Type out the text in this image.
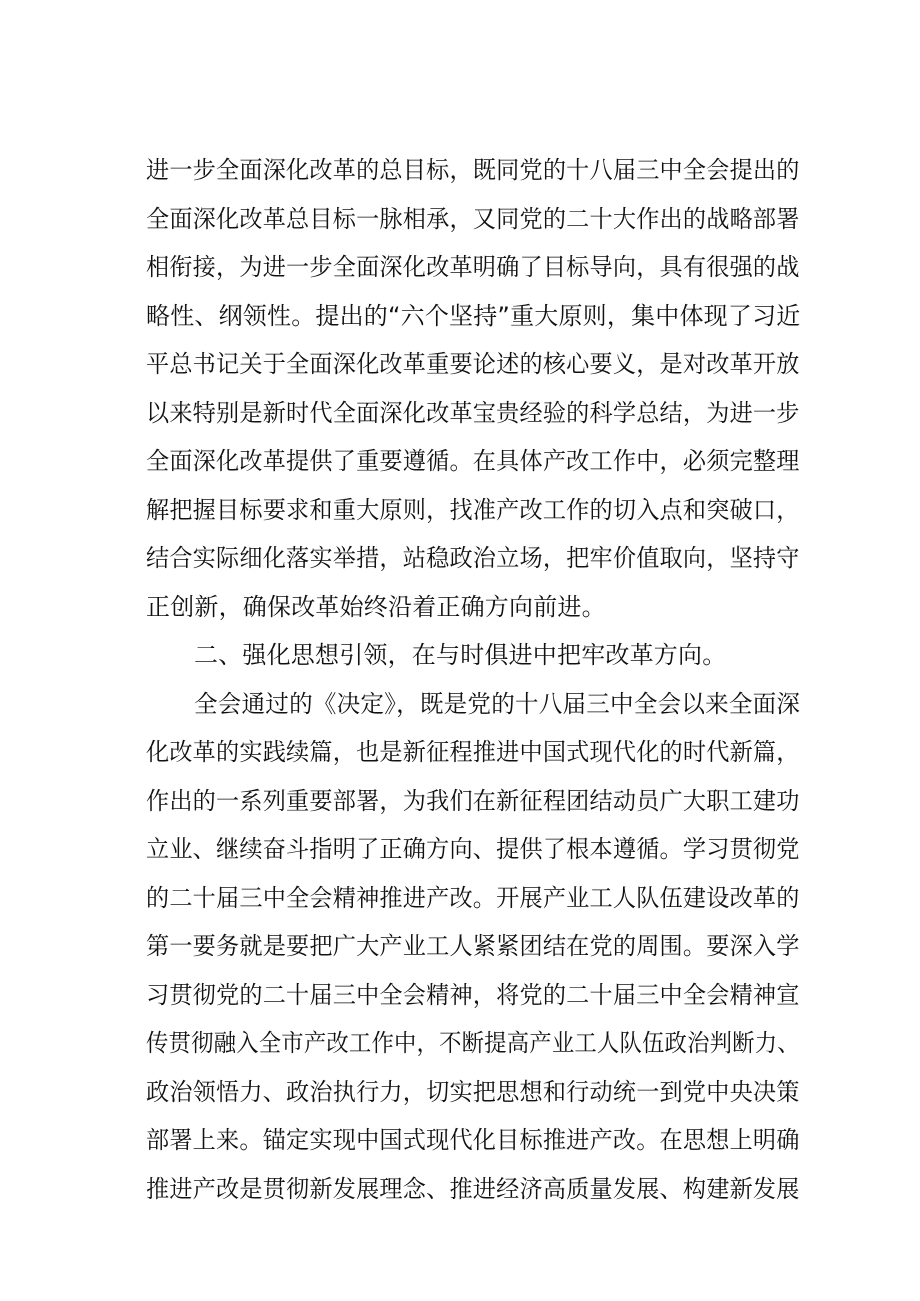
进一步全面深化改革的总目标，既同党的十八届三中全会提出的
全面深化改革总目标一脉相承，又同党的二十大作出的战略部署
相衔接，为进一步全面深化改革明确了目标导向，具有很强的战
略性、纲领性。提出的“六个坚持”重大原则，集中体现了习近
平总书记关于全面深化改革重要论述的核心要义，是对改革开放
以来特别是新时代全面深化改革宝贵经验的科学总结，为进一步
全面深化改革提供了重要遵循。在具体产改工作中，必须完整理
解把握目标要求和重大原则，找准产改工作的切入点和突破口，
结合实际细化落实举措，站稳政治立场，把牢价值取向，坚持守
正创新，确保改革始终沿着正确方向前进。
二、强化思想引领，在与时俱进中把牢改革方向。
全会通过的《决定》，既是党的十八届三中全会以来全面深
化改革的实践续篇，也是新征程推进中国式现代化的时代新篇，
作出的一系列重要部署，为我们在新征程团结动员广大职工建功
立业、继续奋斗指明了正确方向、提供了根本遵循。学习贯彻党
的二十届三中全会精神推进产改。开展产业工人队伍建设改革的
第一要务就是要把广大产业工人紧紧团结在党的周围。要深入学
习贯彻党的二十届三中全会精神，将党的二十届三中全会精神宣
传贯彻融入全市产改工作中，不断提高产业工人队伍政治判断力、
政治领悟力、政治执行力，切实把思想和行动统一到党中央决策
部署上来。锚定实现中国式现代化目标推进产改。在思想上明确
推进产改是贯彻新发展理念、推进经济高质量发展、构建新发展
